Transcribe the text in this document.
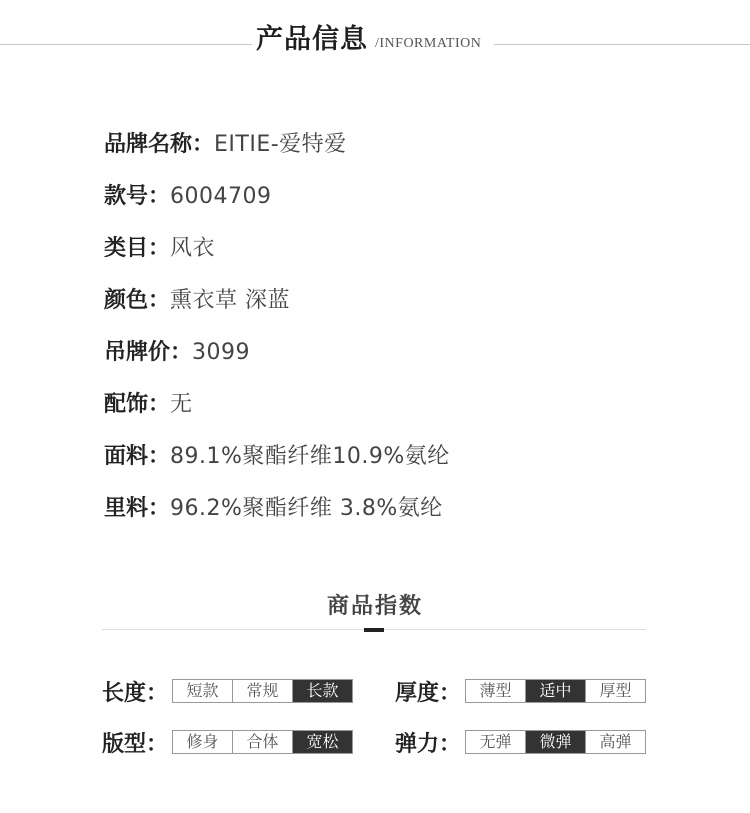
产品信息 /INFORMATION
品牌名称：EITIE-爱特爱
款号：6004709
类目：风衣
颜色：熏衣草 深蓝
吊牌价：3099
配饰：无
面料：89.1%聚酯纤维10.9%氨纶
里料：96.2%聚酯纤维 3.8%氨纶
商品指数
长度：	短款	常规	长款	厚度：	薄型	适中	厚型
版型：	修身	合体	宽松	弹力：	无弹	微弹	高弹
